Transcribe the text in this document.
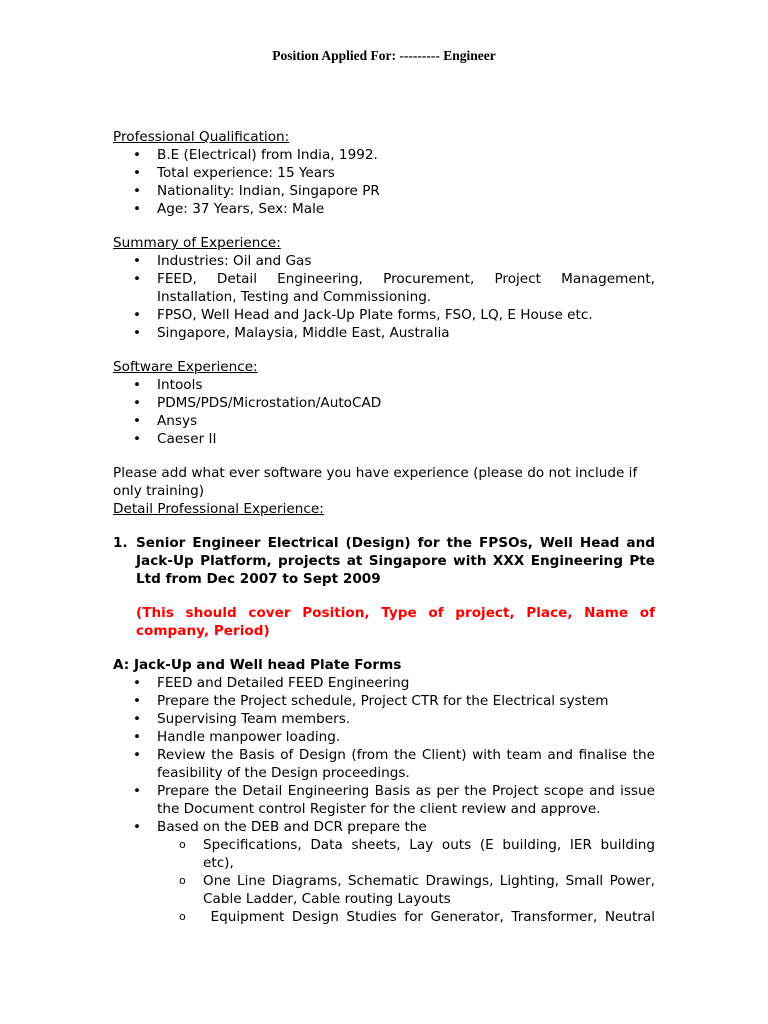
Position Applied For: --------- Engineer
Professional Qualification:
• B.E (Electrical) from India, 1992.
• Total experience: 15 Years
• Nationality: Indian, Singapore PR
• Age: 37 Years, Sex: Male
Summary of Experience:
• Industries: Oil and Gas
• FEED, Detail Engineering, Procurement, Project Management,
Installation, Testing and Commissioning.
• FPSO, Well Head and Jack-Up Plate forms, FSO, LQ, E House etc.
• Singapore, Malaysia, Middle East, Australia
Software Experience:
• Intools
• PDMS/PDS/Microstation/AutoCAD
• Ansys
• Caeser II
Please add what ever software you have experience (please do not include if only training)
Detail Professional Experience:
1. Senior Engineer Electrical (Design) for the FPSOs, Well Head and Jack-Up Platform, projects at Singapore with XXX Engineering Pte Ltd from Dec 2007 to Sept 2009
(This should cover Position, Type of project, Place, Name of company, Period)
A: Jack-Up and Well head Plate Forms
• FEED and Detailed FEED Engineering
• Prepare the Project schedule, Project CTR for the Electrical system
• Supervising Team members.
• Handle manpower loading.
• Review the Basis of Design (from the Client) with team and finalise the feasibility of the Design proceedings.
• Prepare the Detail Engineering Basis as per the Project scope and issue the Document control Register for the client review and approve.
• Based on the DEB and DCR prepare the
o Specifications, Data sheets, Lay outs (E building, IER building etc),
o One Line Diagrams, Schematic Drawings, Lighting, Small Power, Cable Ladder, Cable routing Layouts
o Equipment Design Studies for Generator, Transformer, Neutral
